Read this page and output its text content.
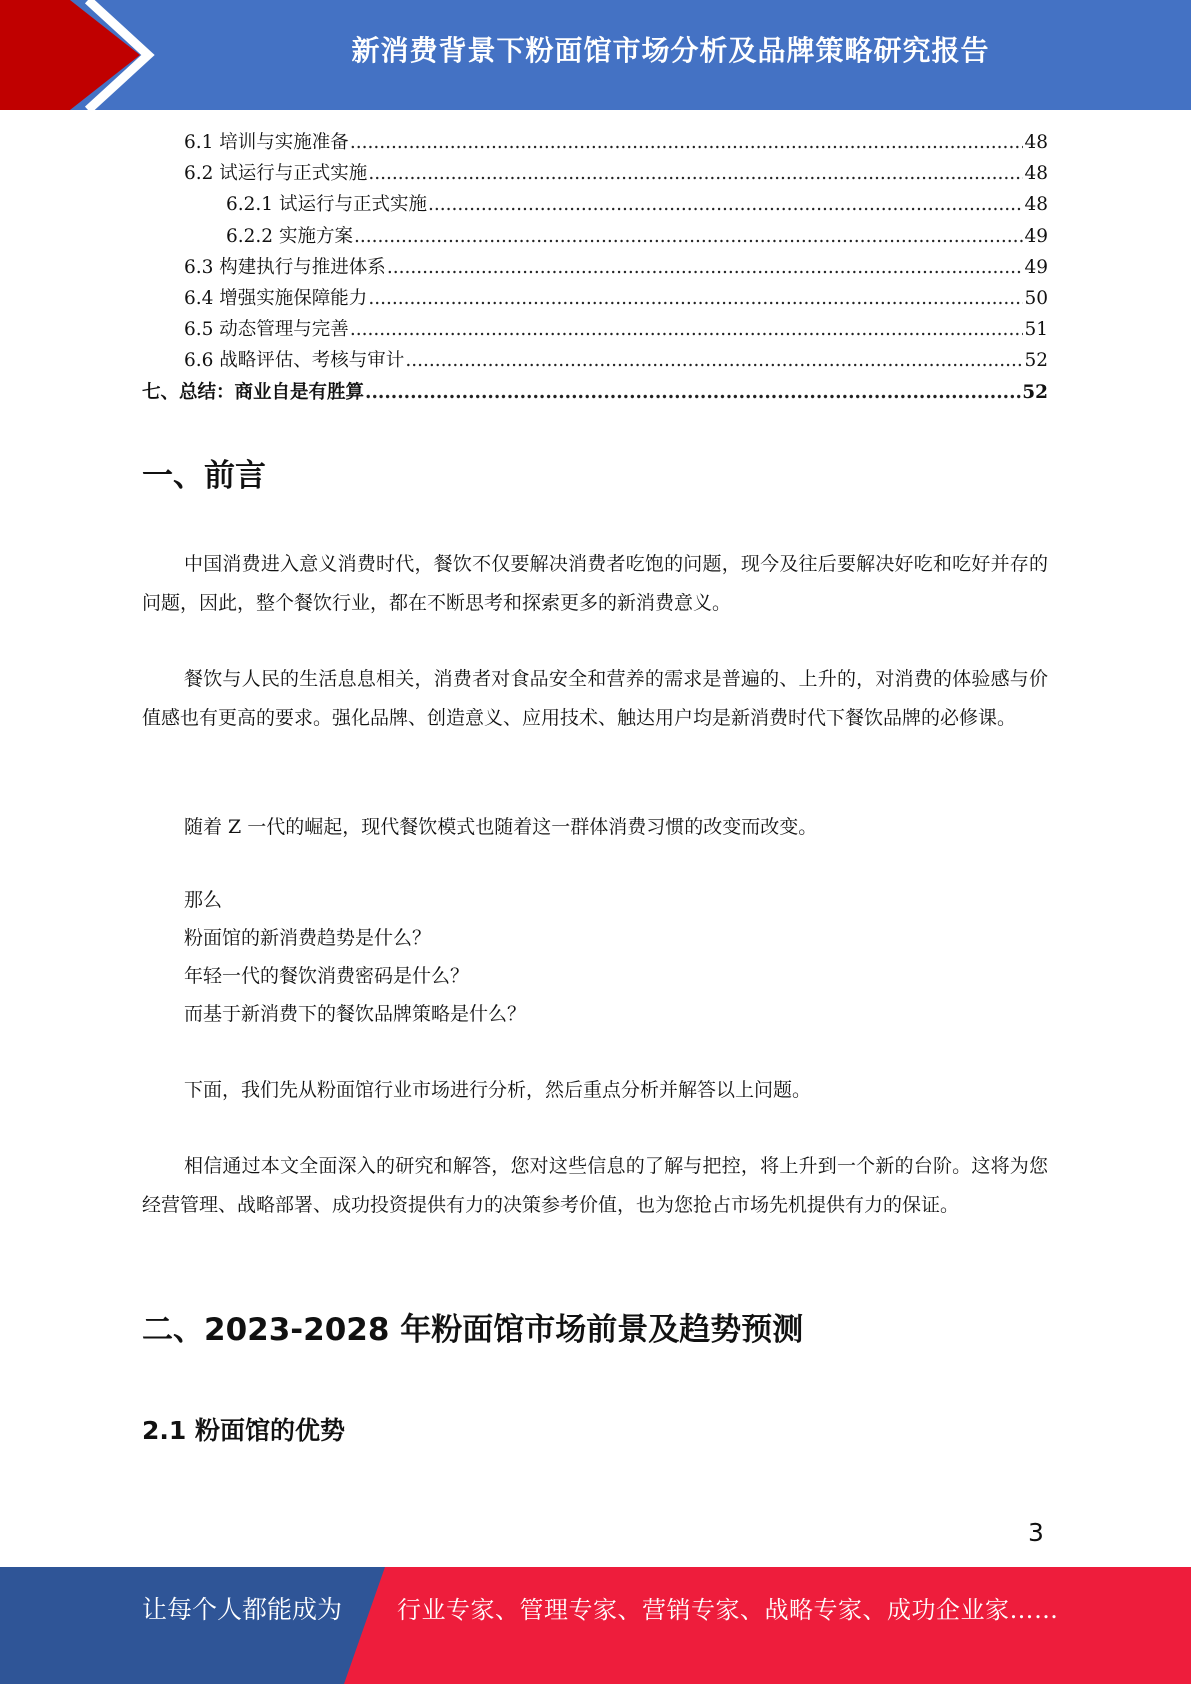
新消费背景下粉面馆市场分析及品牌策略研究报告
6.1 培训与实施准备 .....	48
6.2 试运行与正式实施 .....	48
6.2.1 试运行与正式实施 .....	48
6.2.2 实施方案 .....	49
6.3 构建执行与推进体系 .....	49
6.4 增强实施保障能力 .....	50
6.5 动态管理与完善 .....	51
6.6 战略评估、考核与审计 .....	52
七、总结：商业自是有胜算 .....	52
一、前言

中国消费进入意义消费时代，餐饮不仅要解决消费者吃饱的问题，现今及往后要解决好吃和吃好并存的问题，因此，整个餐饮行业，都在不断思考和探索更多的新消费意义。

餐饮与人民的生活息息相关，消费者对食品安全和营养的需求是普遍的、上升的，对消费的体验感与价值感也有更高的要求。强化品牌、创造意义、应用技术、触达用户均是新消费时代下餐饮品牌的必修课。

随着 Z 一代的崛起，现代餐饮模式也随着这一群体消费习惯的改变而改变。

那么
粉面馆的新消费趋势是什么？
年轻一代的餐饮消费密码是什么？
而基于新消费下的餐饮品牌策略是什么？

下面，我们先从粉面馆行业市场进行分析，然后重点分析并解答以上问题。

相信通过本文全面深入的研究和解答，您对这些信息的了解与把控，将上升到一个新的台阶。这将为您经营管理、战略部署、成功投资提供有力的决策参考价值，也为您抢占市场先机提供有力的保证。

二、2023-2028 年粉面馆市场前景及趋势预测
2.1 粉面馆的优势
3
让每个人都能成为 行业专家、管理专家、营销专家、战略专家、成功企业家……
